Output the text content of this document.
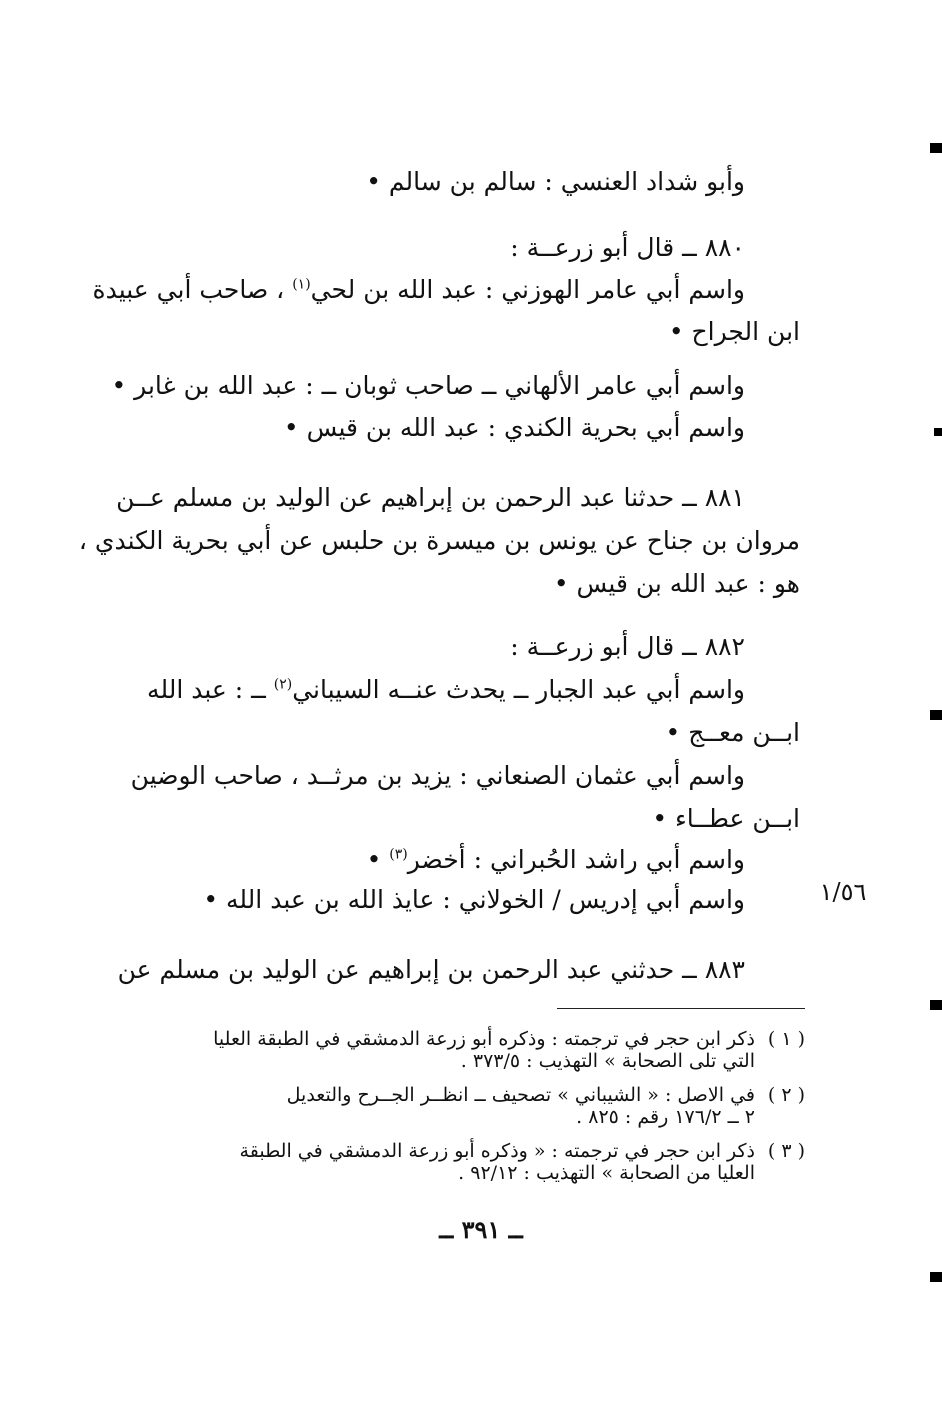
وأبو شداد العنسي : سالم بن سالم •
٨٨٠ ــ قال أبو زرعــة :
واسم أبي عامر الهوزني : عبد الله بن لحي$^{(١)}$ ، صاحب أبي عبيدة
ابن الجراح •
واسم أبي عامر الألهاني ــ صاحب ثوبان ــ : عبد الله بن غابر •
واسم أبي بحرية الكندي : عبد الله بن قيس •
٨٨١ ــ حدثنا عبد الرحمن بن إبراهيم عن الوليد بن مسلم عــن
مروان بن جناح عن يونس بن ميسرة بن حلبس عن أبي بحرية الكندي ،
هو : عبد الله بن قيس •
٨٨٢ ــ قال أبو زرعــة :
واسم أبي عبد الجبار ــ يحدث عنــه السيباني$^{(٢)}$ ــ : عبد الله
ابــن معــج •
واسم أبي عثمان الصنعاني : يزيد بن مرثــد ، صاحب الوضين
ابــن عطــاء •
واسم أبي راشد الحُبراني : أخضر$^{(٣)}$ •
واسم أبي إدريس / الخولاني : عايذ الله بن عبد الله •	١/٥٦
٨٨٣ ــ حدثني عبد الرحمن بن إبراهيم عن الوليد بن مسلم عن
( ١ )
ذكر ابن حجر في ترجمته : وذكره أبو زرعة الدمشقي في الطبقة العليا
التي تلى الصحابة » التهذيب : ٣٧٣/٥ .
( ٢ )
في الاصل : « الشيباني » تصحيف ــ انظــر الجــرح والتعديل
٢ ــ ١٧٦/٢ رقم : ٨٢٥ .
( ٣ )
ذكر ابن حجر في ترجمته : « وذكره أبو زرعة الدمشقي في الطبقة
العليا من الصحابة » التهذيب : ٩٢/١٢ .
ــ ٣٩١ ــ
